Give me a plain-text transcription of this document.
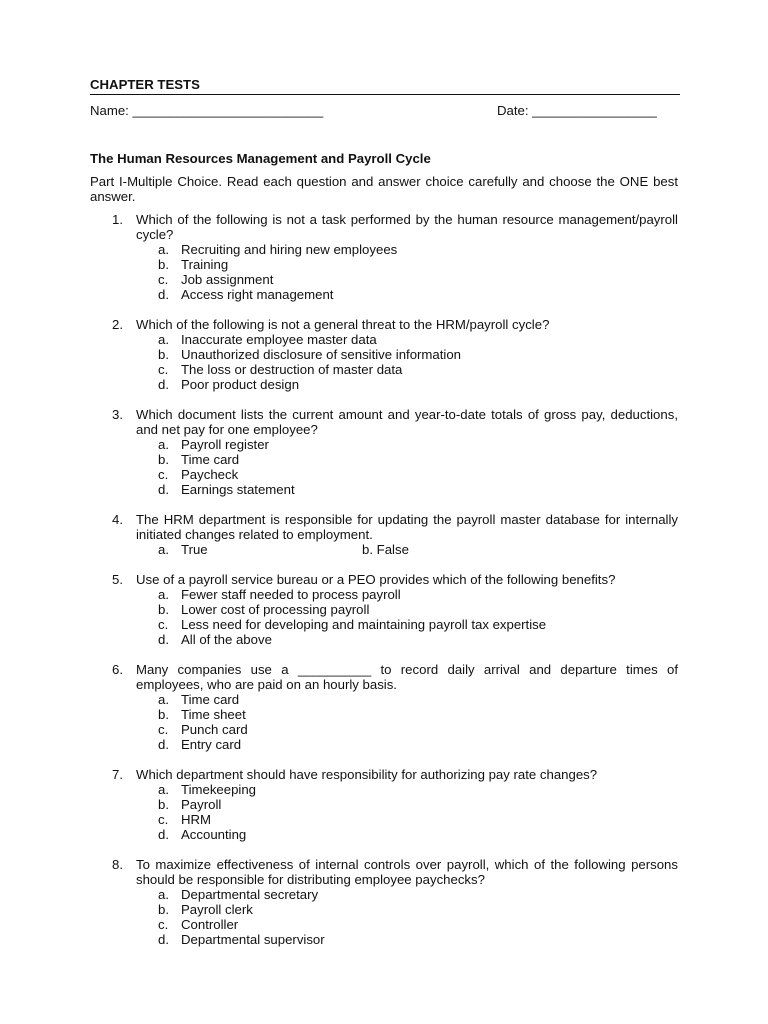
CHAPTER TESTS
Name: __________________________	Date: _________________
The Human Resources Management and Payroll Cycle
Part I-Multiple Choice. Read each question and answer choice carefully and choose the ONE best answer.
1. Which of the following is not a task performed by the human resource management/payroll cycle?
a. Recruiting and hiring new employees
b. Training
c. Job assignment
d. Access right management
2. Which of the following is not a general threat to the HRM/payroll cycle?
a. Inaccurate employee master data
b. Unauthorized disclosure of sensitive information
c. The loss or destruction of master data
d. Poor product design
3. Which document lists the current amount and year-to-date totals of gross pay, deductions, and net pay for one employee?
a. Payroll register
b. Time card
c. Paycheck
d. Earnings statement
4. The HRM department is responsible for updating the payroll master database for internally initiated changes related to employment.
a. True	b. False
5. Use of a payroll service bureau or a PEO provides which of the following benefits?
a. Fewer staff needed to process payroll
b. Lower cost of processing payroll
c. Less need for developing and maintaining payroll tax expertise
d. All of the above
6. Many companies use a __________ to record daily arrival and departure times of employees, who are paid on an hourly basis.
a. Time card
b. Time sheet
c. Punch card
d. Entry card
7. Which department should have responsibility for authorizing pay rate changes?
a. Timekeeping
b. Payroll
c. HRM
d. Accounting
8. To maximize effectiveness of internal controls over payroll, which of the following persons should be responsible for distributing employee paychecks?
a. Departmental secretary
b. Payroll clerk
c. Controller
d. Departmental supervisor
